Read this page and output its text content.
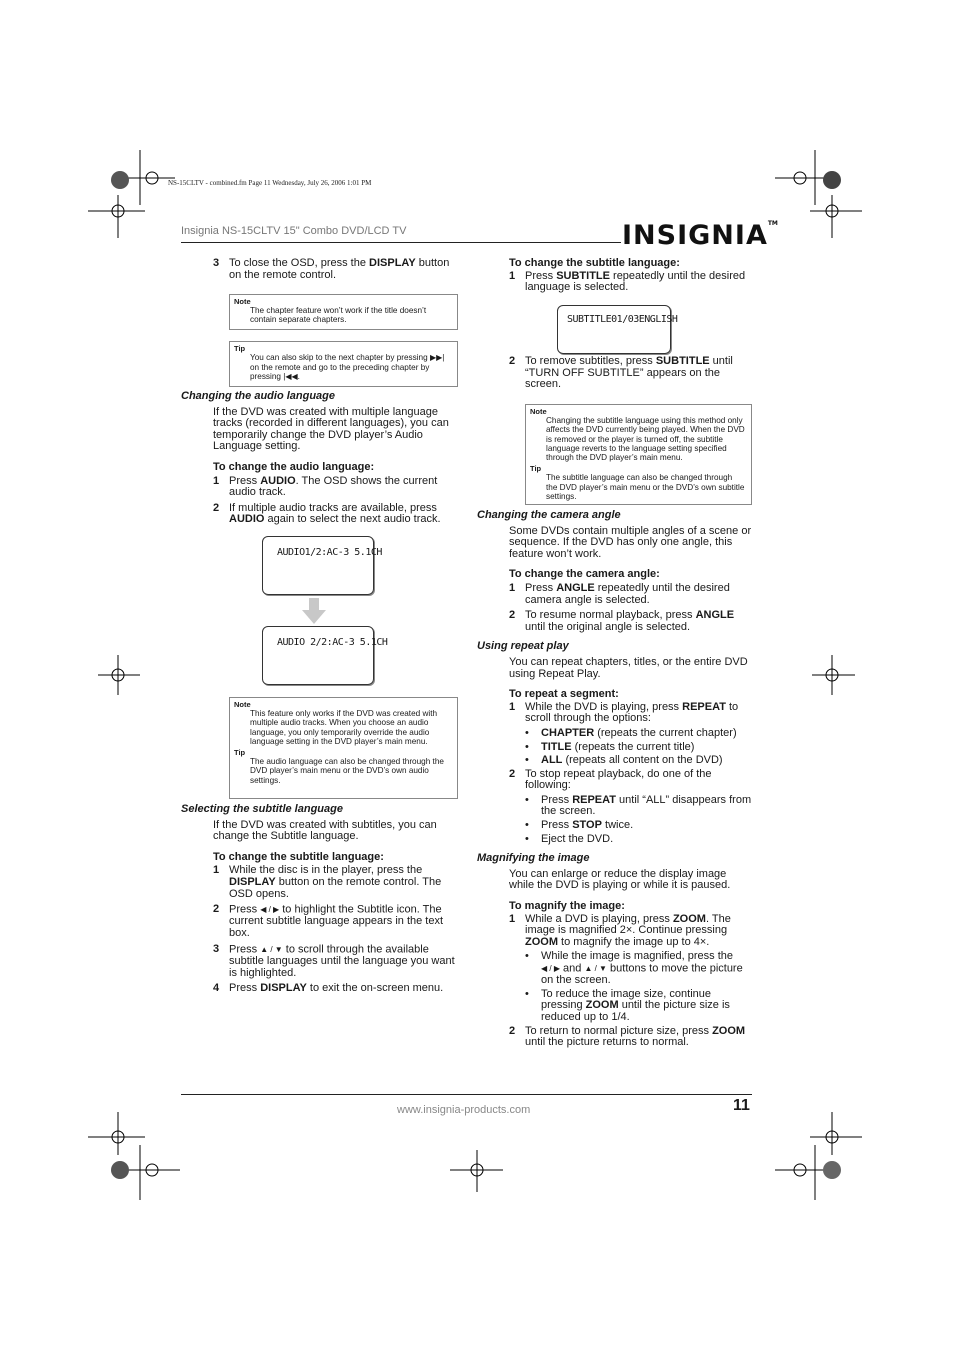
NS-15CLTV - combined.fm Page 11 Wednesday, July 26, 2006 1:01 PM
Insignia NS-15CLTV 15" Combo DVD/LCD TV	INSIGNIA™
3 To close the OSD, press the DISPLAY button on the remote control.
Note
The chapter feature won’t work if the title doesn’t contain separate chapters.
Tip
You can also skip to the next chapter by pressing ▶▶| on the remote and go to the preceding chapter by pressing |◀◀.

Changing the audio language

If the DVD was created with multiple language tracks (recorded in different languages), you can temporarily change the DVD player’s Audio Language setting.

To change the audio language:

1 Press AUDIO. The OSD shows the current audio track.
2 If multiple audio tracks are available, press AUDIO again to select the next audio track.
AUDIO1/2:AC-3 5.1CH
AUDIO 2/2:AC-3 5.1CH
Note
This feature only works if the DVD was created with multiple audio tracks. When you choose an audio language, you only temporarily override the audio language setting in the DVD player’s main menu.
Tip
The audio language can also be changed through the DVD player’s main menu or the DVD’s own audio settings.

Selecting the subtitle language

If the DVD was created with subtitles, you can change the Subtitle language.

To change the subtitle language:

1 While the disc is in the player, press the DISPLAY button on the remote control. The OSD opens.
2 Press ◀ / ▶ to highlight the Subtitle icon. The current subtitle language appears in the text box.
3 Press ▲ / ▼ to scroll through the available subtitle languages until the language you want is highlighted.
4 Press DISPLAY to exit the on-screen menu.

To change the subtitle language:

1 Press SUBTITLE repeatedly until the desired language is selected.
SUBTITLE01/03ENGLISH
2 To remove subtitles, press SUBTITLE until “TURN OFF SUBTITLE” appears on the screen.
Note
Changing the subtitle language using this method only affects the DVD currently being played. When the DVD is removed or the player is turned off, the subtitle language reverts to the language setting specified through the DVD player’s main menu.
Tip
The subtitle language can also be changed through the DVD player’s main menu or the DVD’s own subtitle settings.

Changing the camera angle

Some DVDs contain multiple angles of a scene or sequence. If the DVD has only one angle, this feature won’t work.

To change the camera angle:

1 Press ANGLE repeatedly until the desired camera angle is selected.
2 To resume normal playback, press ANGLE until the original angle is selected.

Using repeat play

You can repeat chapters, titles, or the entire DVD using Repeat Play.

To repeat a segment:

1 While the DVD is playing, press REPEAT to scroll through the options:
•	CHAPTER (repeats the current chapter)
•	TITLE (repeats the current title)
•	ALL (repeats all content on the DVD)
2 To stop repeat playback, do one of the following:
•	Press REPEAT until “ALL” disappears from the screen.
•	Press STOP twice.
•	Eject the DVD.

Magnifying the image

You can enlarge or reduce the display image while the DVD is playing or while it is paused.

To magnify the image:

1 While a DVD is playing, press ZOOM. The image is magnified 2×. Continue pressing ZOOM to magnify the image up to 4×.
•	While the image is magnified, press the ◀ / ▶ and ▲ / ▼ buttons to move the picture on the screen.
•	To reduce the image size, continue pressing ZOOM until the picture size is reduced up to 1/4.
2 To return to normal picture size, press ZOOM until the picture returns to normal.
www.insignia-products.com	11
